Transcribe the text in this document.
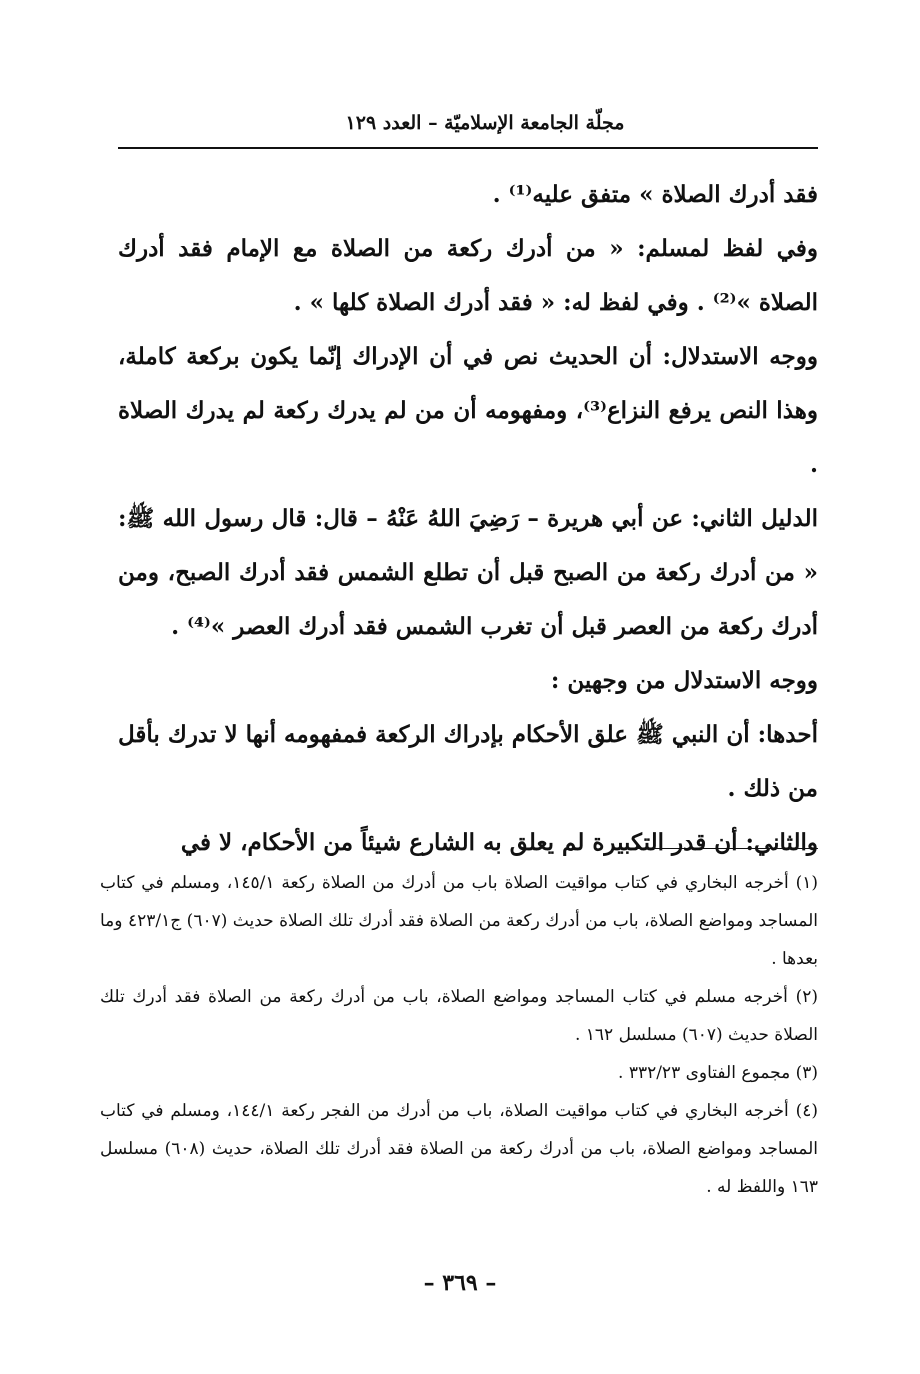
مجلّة الجامعة الإسلاميّة – العدد ١٢٩

فقد أدرك الصلاة » متفق عليه⁽¹⁾ .

وفي لفظ لمسلم: « من أدرك ركعة من الصلاة مع الإمام فقد أدرك الصلاة »⁽²⁾ . وفي لفظ له: « فقد أدرك الصلاة كلها » .

ووجه الاستدلال: أن الحديث نص في أن الإدراك إنّما يكون بركعة كاملة، وهذا النص يرفع النزاع⁽³⁾، ومفهومه أن من لم يدرك ركعة لم يدرك الصلاة .

الدليل الثاني: عن أبي هريرة – رَضِيَ اللهُ عَنْهُ – قال: قال رسول الله ﷺ: « من أدرك ركعة من الصبح قبل أن تطلع الشمس فقد أدرك الصبح، ومن أدرك ركعة من العصر قبل أن تغرب الشمس فقد أدرك العصر »⁽⁴⁾ .

ووجه الاستدلال من وجهين :

أحدها: أن النبي ﷺ علق الأحكام بإدراك الركعة فمفهومه أنها لا تدرك بأقل من ذلك .

والثاني: أن قدر التكبيرة لم يعلق به الشارع شيئاً من الأحكام، لا في

(١) أخرجه البخاري في كتاب مواقيت الصلاة باب من أدرك من الصلاة ركعة ١٤٥/١، ومسلم في كتاب المساجد ومواضع الصلاة، باب من أدرك ركعة من الصلاة فقد أدرك تلك الصلاة حديث (٦٠٧) ج٤٢٣/١ وما بعدها .

(٢) أخرجه مسلم في كتاب المساجد ومواضع الصلاة، باب من أدرك ركعة من الصلاة فقد أدرك تلك الصلاة حديث (٦٠٧) مسلسل ١٦٢ .

(٣) مجموع الفتاوى ٣٣٢/٢٣ .

(٤) أخرجه البخاري في كتاب مواقيت الصلاة، باب من أدرك من الفجر ركعة ١٤٤/١، ومسلم في كتاب المساجد ومواضع الصلاة، باب من أدرك ركعة من الصلاة فقد أدرك تلك الصلاة، حديث (٦٠٨) مسلسل ١٦٣ واللفظ له .

– ٣٦٩ –
